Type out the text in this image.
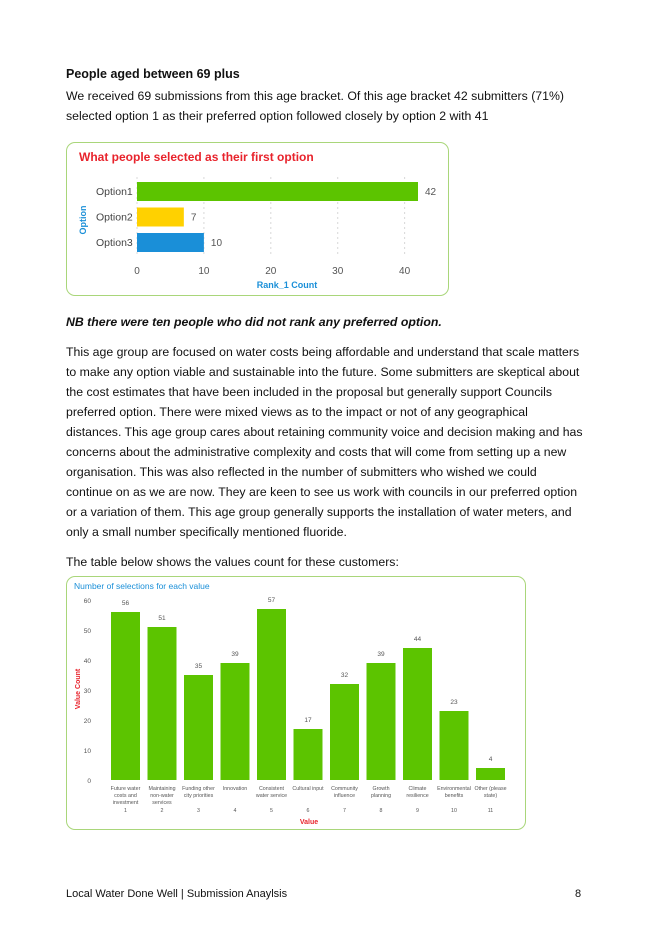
People aged between 69 plus

We received 69 submissions from this age bracket. Of this age bracket 42 submitters (71%) selected option 1 as their preferred option followed closely by option 2 with 41

What people selected as their first option
0	10	20	30	40
Option1	42
Option2	7
Option3	10
Rank_1 Count
Option
NB there were ten people who did not rank any preferred option.

This age group are focused on water costs being affordable and understand that scale matters to make any option viable and sustainable into the future. Some submitters are skeptical about the cost estimates that have been included in the proposal but generally support Councils preferred option. There were mixed views as to the impact or not of any geographical distances. This age group cares about retaining community voice and decision making and has concerns about the administrative complexity and costs that will come from setting up a new organisation. This was also reflected in the number of submitters who wished we could continue on as we are now. They are keen to see us work with councils in our preferred option or a variation of them. This age group generally supports the installation of water meters, and only a small number specifically mentioned fluoride.

The table below shows the values count for these customers:

Number of selections for each value
0
10
20
30
40
50
60	56
Future water
costs and
investment
1
51
Maintaining
non-water
services
2
35
Funding other
city priorities
3
39
Innovation
4
57
Consistent
water service
5
17
Cultural input
6
32
Community
influence
7
39
Growth
planning
8
44
Climate
resilience
9
23
Environmental
benefits
10
4
Other (please
state)
11
Value
Value Count
Local Water Done Well | Submission Anaylsis	8
